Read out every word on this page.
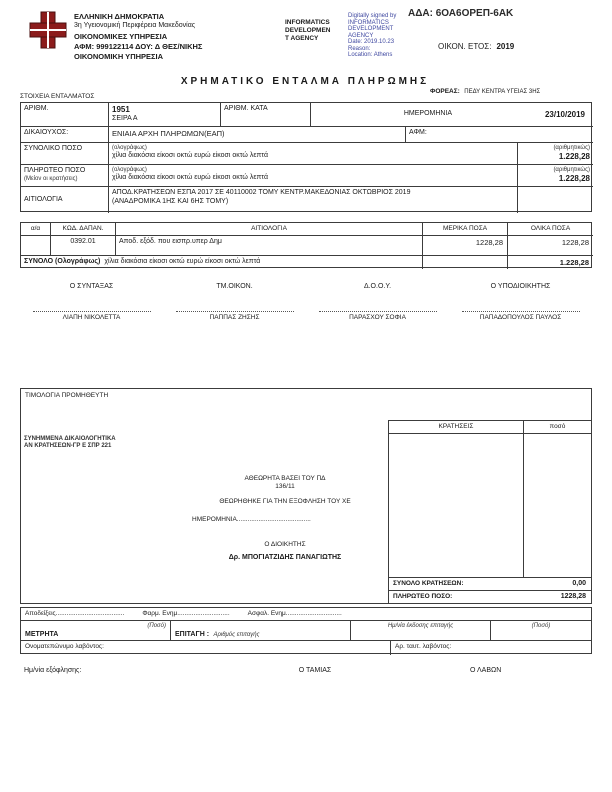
ΕΛΛΗΝΙΚΗ ΔΗΜΟΚΡΑΤΙΑ
3η Υγειονομική Περιφέρεια Μακεδονίας
ΟΙΚΟΝΟΜΙΚΕΣ ΥΠΗΡΕΣΙΑ
ΑΦΜ: 999122114 ΔΟΥ: Δ ΘΕΣ/ΝΙΚΗΣ
ΟΙΚΟΝΟΜΙΚΗ ΥΠΗΡΕΣΙΑ
INFORMATICS
DEVELOPMEN
T AGENCY
Digitally signed by
INFORMATICS
DEVELOPMENT AGENCY
Date: 2019.10.23
Reason:
Location: Athens
ΑΔΑ: 6ΟΑ6ΟΡΕΠ-6ΑΚ
ΟΙΚΟΝ. ΕΤΟΣ: 2019
ΧΡΗΜΑΤΙΚΟ ΕΝΤΑΛΜΑ ΠΛΗΡΩΜΗΣ
ΦΟΡΕΑΣ: ΠΕΔΥ ΚΕΝΤΡΑ ΥΓΕΙΑΣ 3ΗΣ
ΣΤΟΙΧΕΙΑ ΕΝΤΑΛΜΑΤΟΣ
ΑΡΙΘΜ.	1951
ΣΕΙΡΑ Α
ΑΡΙΘΜ. ΚΑΤΑ
ΗΜΕΡΟΜΗΝΙΑ	23/10/2019
ΔΙΚΑΙΟΥΧΟΣ:	ΕΝΙΑΙΑ ΑΡΧΗ ΠΛΗΡΩΜΩΝ(ΕΑΠ)	ΑΦΜ:
ΣΥΝΟΛΙΚΟ ΠΟΣΟ	(ολογράφως)
χίλια διακόσια είκοσι οκτώ ευρώ είκοσι οκτώ λεπτά
(αριθμητικώς)
1.228,28
ΠΛΗΡΩΤΕΟ ΠΟΣΟ
(Μείον οι κρατήσεις)
(ολογράφως)
χίλια διακόσια είκοσι οκτώ ευρώ είκοσι οκτώ λεπτά
(αριθμητικώς)
1.228,28
ΑΙΤΙΟΛΟΓΙΑ
ΑΠΟΔ.ΚΡΑΤΗΣΕΩΝ ΕΣΠΑ 2017 ΣΕ 40110002 ΤΟΜΥ ΚΕΝΤΡ.ΜΑΚΕΔΟΝΙΑΣ ΟΚΤΩΒΡΙΟΣ 2019
(ΑΝΑΔΡΟΜΙΚΑ 1ΗΣ ΚΑΙ 6ΗΣ ΤΟΜΥ)
α/α	ΚΩΔ. ΔΑΠΑΝ.	ΑΙΤΙΟΛΟΓΙΑ	ΜΕΡΙΚΑ ΠΟΣΑ	ΟΛΙΚΑ ΠΟΣΑ
0392.01	Αποδ. εξόδ. που εισπρ.υπερ Δημ	1228,28	1228,28
ΣΥΝΟΛΟ (Ολογράφως) χίλια διακόσια είκοσι οκτώ ευρώ είκοσι οκτώ λεπτά	1.228,28
Ο ΣΥΝΤΑΞΑΣ
ΛΙΑΠΗ ΝΙΚΟΛΕΤΤΑ
ΤΜ.ΟΙΚΟΝ.
ΠΑΠΠΑΣ ΖΗΣΗΣ
Δ.Ο.Ο.Υ.
ΠΑΡΑΣΧΟΥ ΣΟΦΙΑ
Ο ΥΠΟΔΙΟΙΚΗΤΗΣ
ΠΑΠΑΔΟΠΟΥΛΟΣ ΠΑΥΛΟΣ
ΤΙΜΟΛΟΓΙΑ ΠΡΟΜΗΘΕΥΤΗ
ΣΥΝΗΜΜΕΝΑ ΔΙΚΑΙΟΛΟΓΗΤΙΚΑ
ΑΝ ΚΡΑΤΗΣΕΩΝ-ΓΡ Ε ΣΠΡ 221
ΚΡΑΤΗΣΕΙΣ	ποσό
ΣΥΝΟΛΟ ΚΡΑΤΗΣΕΩΝ:	0,00
ΠΛΗΡΩΤΕΟ ΠΟΣΟ:	1228,28
ΑΘΕΩΡΗΤΑ ΒΑΣΕΙ ΤΟΥ ΠΔ
136/11
ΘΕΩΡΗΘΗΚΕ ΓΙΑ ΤΗΝ ΕΞΟΦΛΗΣΗ ΤΟΥ ΧΕ
ΗΜΕΡΟΜΗΝΙΑ.........................................
Ο ΔΙΟΙΚΗΤΗΣ
Δρ. ΜΠΟΓΙΑΤΖΙΔΗΣ ΠΑΝΑΓΙΩΤΗΣ
Αποδείξεις......................................	Φαρμ. Ενημ.............................	Ασφαλ. Ενημ...............................
ΜΕΤΡΗΤΑ
(Ποσό)
ΕΠΙΤΑΓΗ : Αριθμός επιταγής
Ημ/νία έκδοσης επιταγής	(Ποσό)
Ονοματεπώνυμο λαβόντος:	Αρ. ταυτ. λαβόντος:
Ημ/νία εξόφλησης:	Ο ΤΑΜΙΑΣ	Ο ΛΑΒΩΝ
